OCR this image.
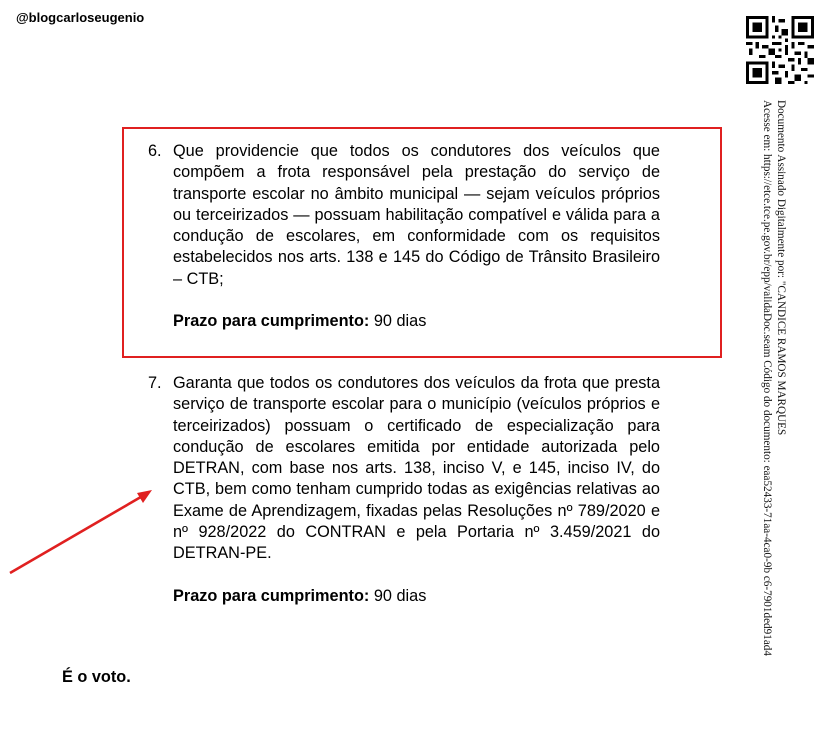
@blogcarloseugenio
6. Que providencie que todos os condutores dos veículos que compõem a frota responsável pela prestação do serviço de transporte escolar no âmbito municipal — sejam veículos próprios ou terceirizados — possuam habilitação compatível e válida para a condução de escolares, em conformidade com os requisitos estabelecidos nos arts. 138 e 145 do Código de Trânsito Brasileiro – CTB;
Prazo para cumprimento: 90 dias
7. Garanta que todos os condutores dos veículos da frota que presta serviço de transporte escolar para o município (veículos próprios e terceirizados) possuam o certificado de especialização para condução de escolares emitida por entidade autorizada pelo DETRAN, com base nos arts. 138, inciso V, e 145, inciso IV, do CTB, bem como tenham cumprido todas as exigências relativas ao Exame de Aprendizagem, fixadas pelas Resoluções nº 789/2020 e nº 928/2022 do CONTRAN e pela Portaria nº 3.459/2021 do DETRAN-PE.
Prazo para cumprimento: 90 dias
É o voto.
Documento Assinado Digitalmente por: "CANDICE RAMOS MARQUES
Acesse em: https://etce.tce.pe.gov.br/epp/validaDoc.seam Código do documento: eaa52433-71aa-4ca0-9b c6-7901ded91ad4
